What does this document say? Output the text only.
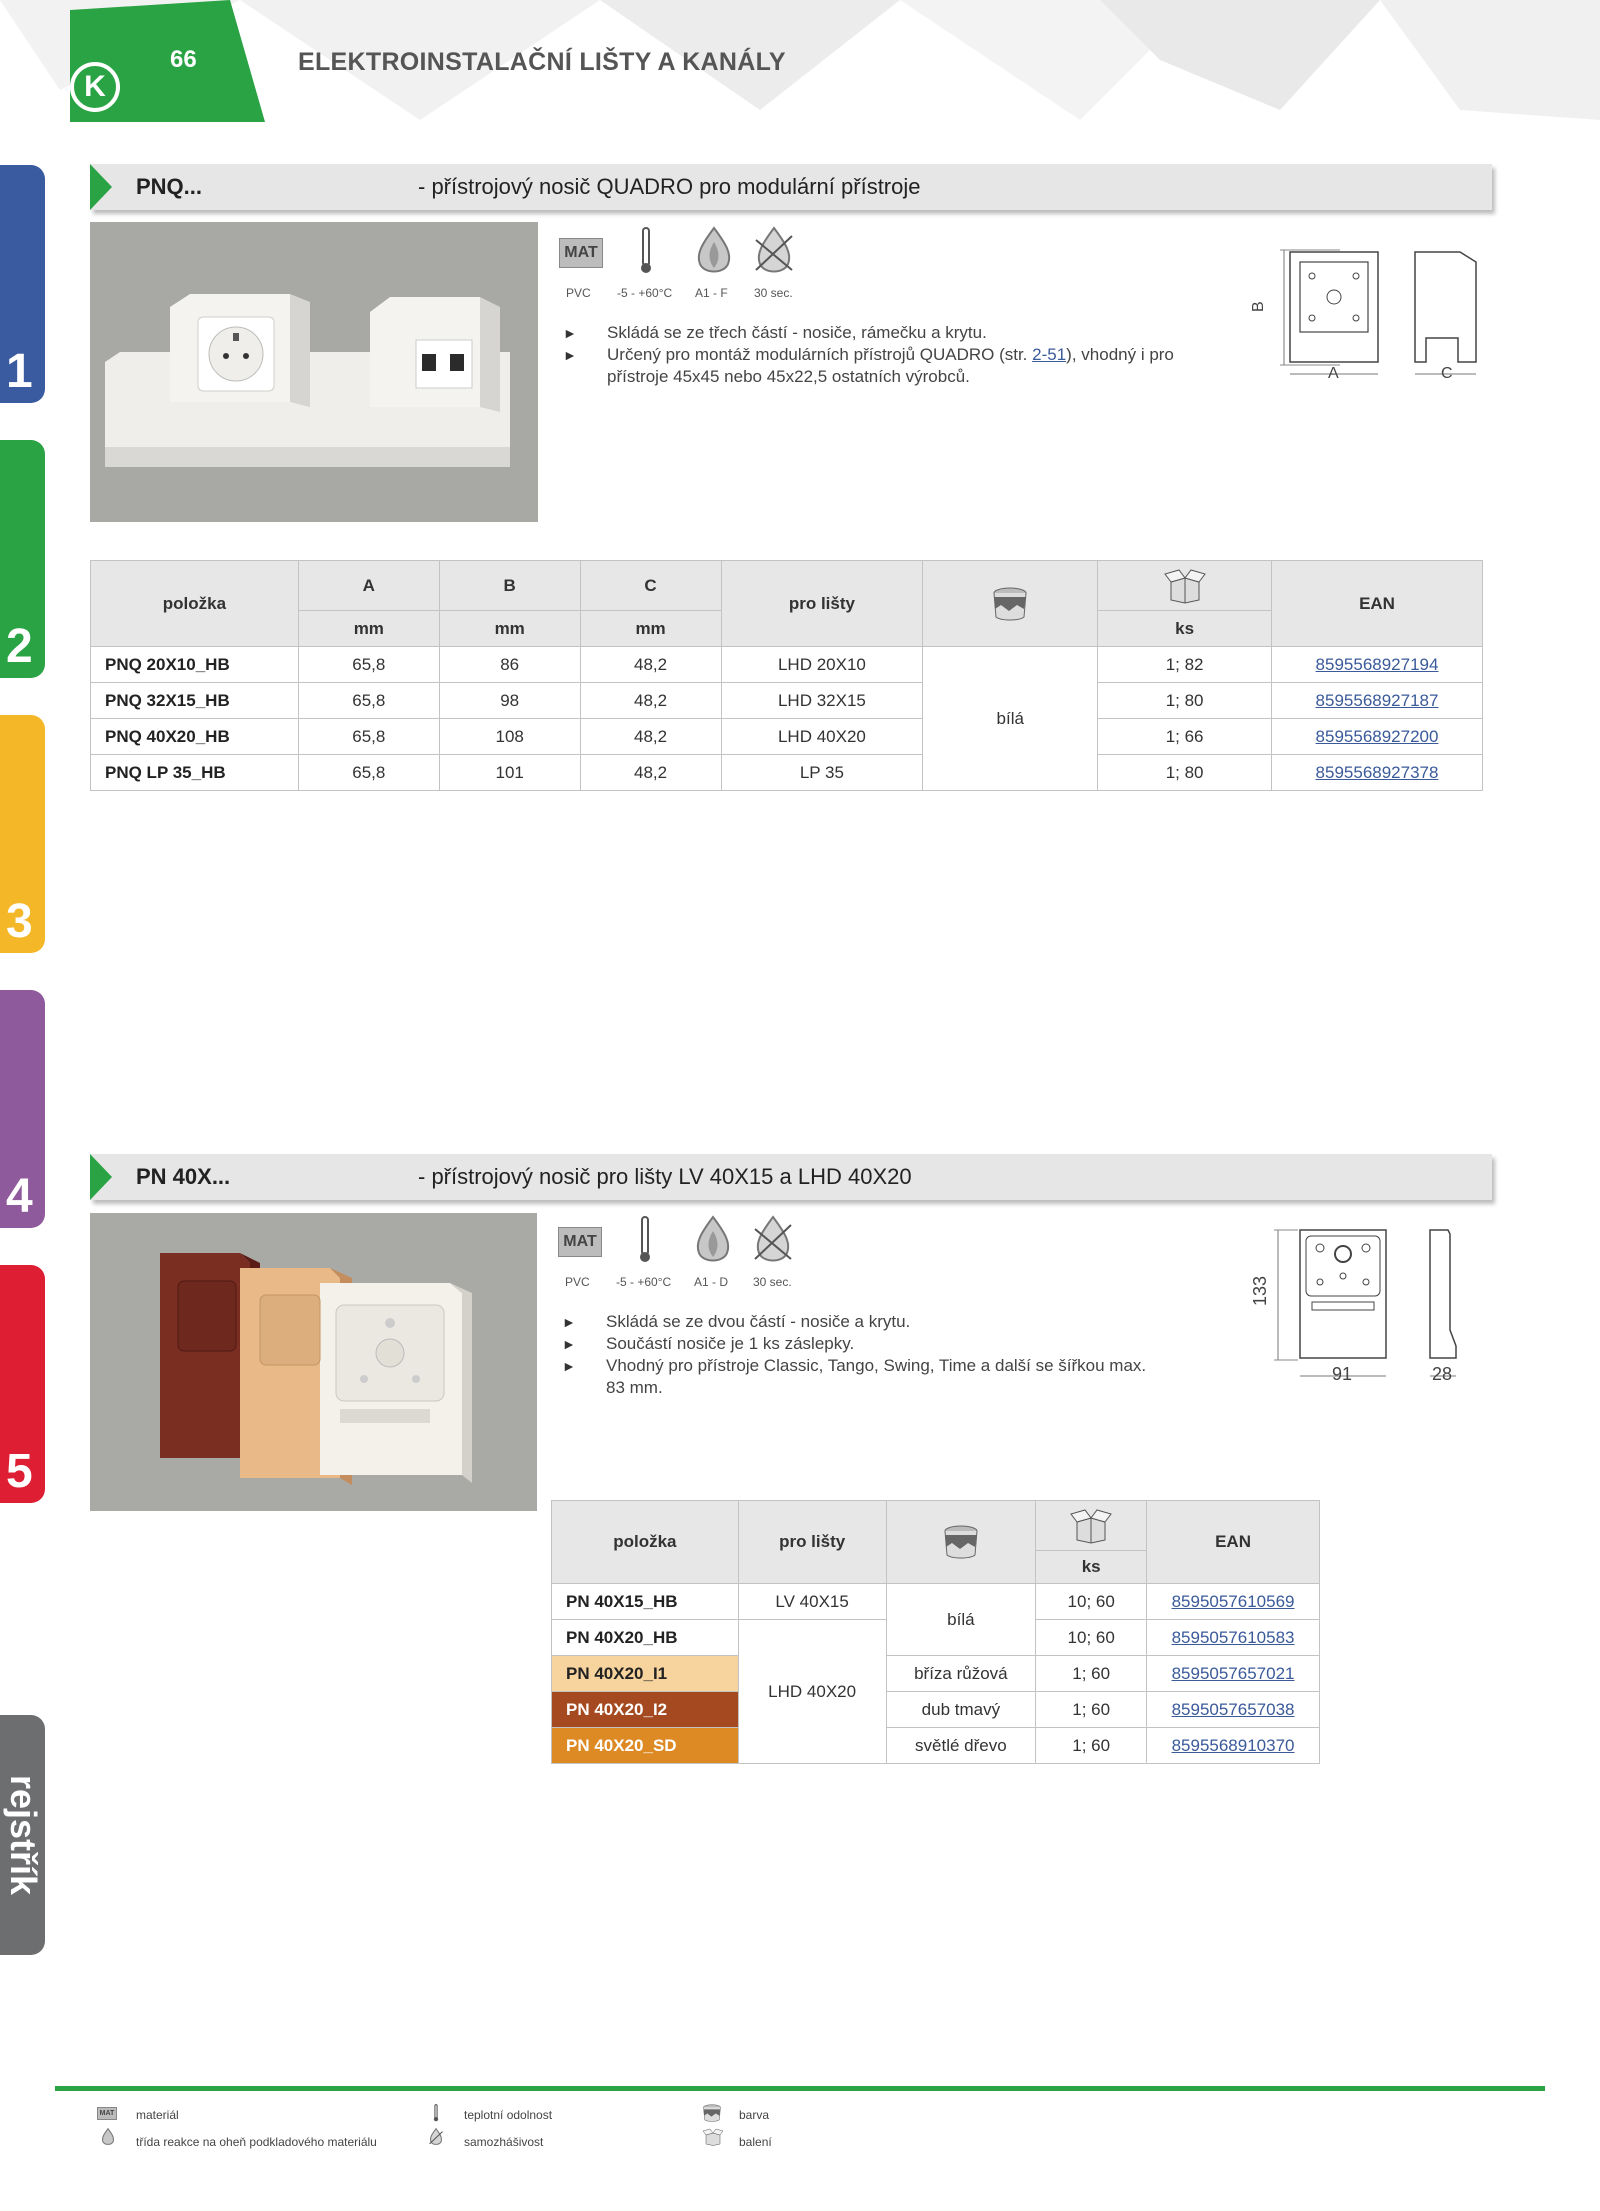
K
66	ELEKTROINSTALAČNÍ LIŠTY A KANÁLY
1
2
3
4
5
rejstřík
PNQ...	- přístrojový nosič QUADRO pro modulární přístroje
MAT
PVC -5 - +60°C A1 - F 30 sec.
► Skládá se ze třech částí - nosiče, rámečku a krytu.
► Určený pro montáž modulárních přístrojů QUADRO (str. 2-51), vhodný i pro přístroje 45x45 nebo 45x22,5 ostatních výrobců.
B
A	C
položka	A	B	C	pro lišty			EAN
	mm	mm	mm			ks	
PNQ 20X10_HB	65,8	86	48,2	LHD 20X10	bílá	1; 82	8595568927194
PNQ 32X15_HB	65,8	98	48,2	LHD 32X15		1; 80	8595568927187
PNQ 40X20_HB	65,8	108	48,2	LHD 40X20		1; 66	8595568927200
PNQ LP 35_HB	65,8	101	48,2	LP 35		1; 80	8595568927378
PN 40X...	- přístrojový nosič pro lišty LV 40X15 a LHD 40X20
MAT
PVC -5 - +60°C A1 - D 30 sec.
► Skládá se ze dvou částí - nosiče a krytu.
► Součástí nosiče je 1 ks záslepky.
► Vhodný pro přístroje Classic, Tango, Swing, Time a další se šířkou max. 83 mm.
133
91	28
položka	pro lišty			EAN
			ks	
PN 40X15_HB	LV 40X15	bílá	10; 60	8595057610569
PN 40X20_HB	LHD 40X20		10; 60	8595057610583
PN 40X20_I1		bříza růžová	1; 60	8595057657021
PN 40X20_I2		dub tmavý	1; 60	8595057657038
PN 40X20_SD		světlé dřevo	1; 60	8595568910370
MAT materiál
třída reakce na oheň podkladového materiálu
teplotní odolnost
samozhášivost
barva
balení
